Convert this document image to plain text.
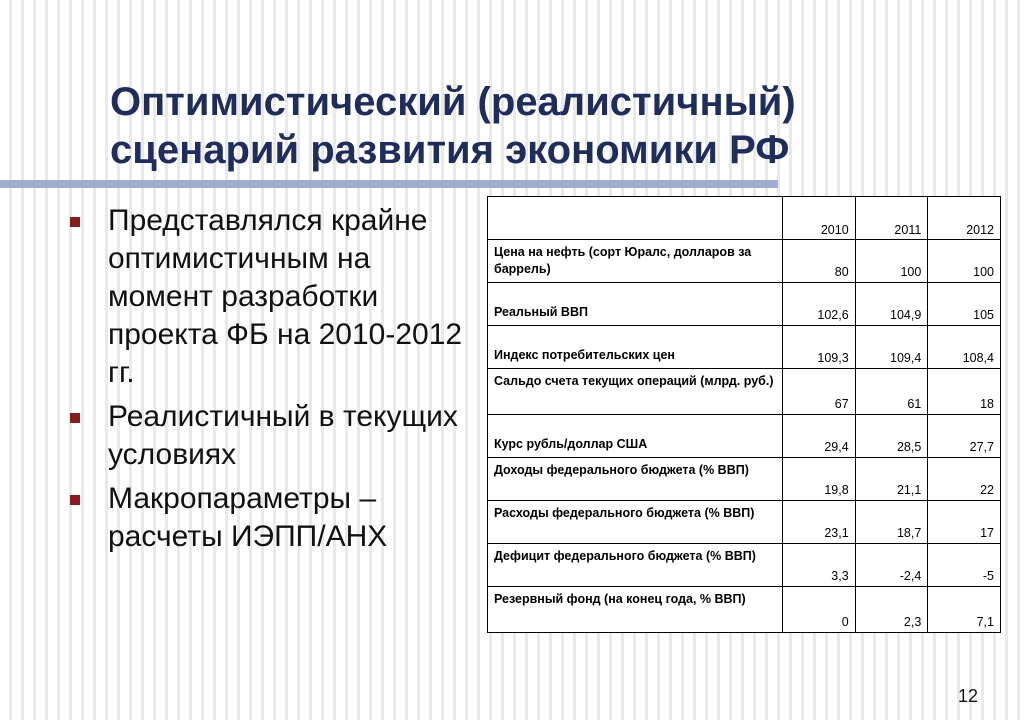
Оптимистический (реалистичный)
сценарий развития экономики РФ
Представлялся крайне оптимистичным на момент разработки проекта ФБ на 2010-2012 гг.
Реалистичный в текущих условиях
Макропараметры – расчеты ИЭПП/АНХ
	2010	2011	2012
Цена на нефть (сорт Юралс, долларов за баррель)	80	100	100
Реальный ВВП	102,6	104,9	105
Индекс потребительских цен	109,3	109,4	108,4
Сальдо счета текущих операций (млрд. руб.)	67	61	18
Курс рубль/доллар США	29,4	28,5	27,7
Доходы федерального бюджета (% ВВП)	19,8	21,1	22
Расходы федерального бюджета (% ВВП)	23,1	18,7	17
Дефицит федерального бюджета (% ВВП)	3,3	-2,4	-5
Резервный фонд (на конец года, % ВВП)	0	2,3	7,1
12
